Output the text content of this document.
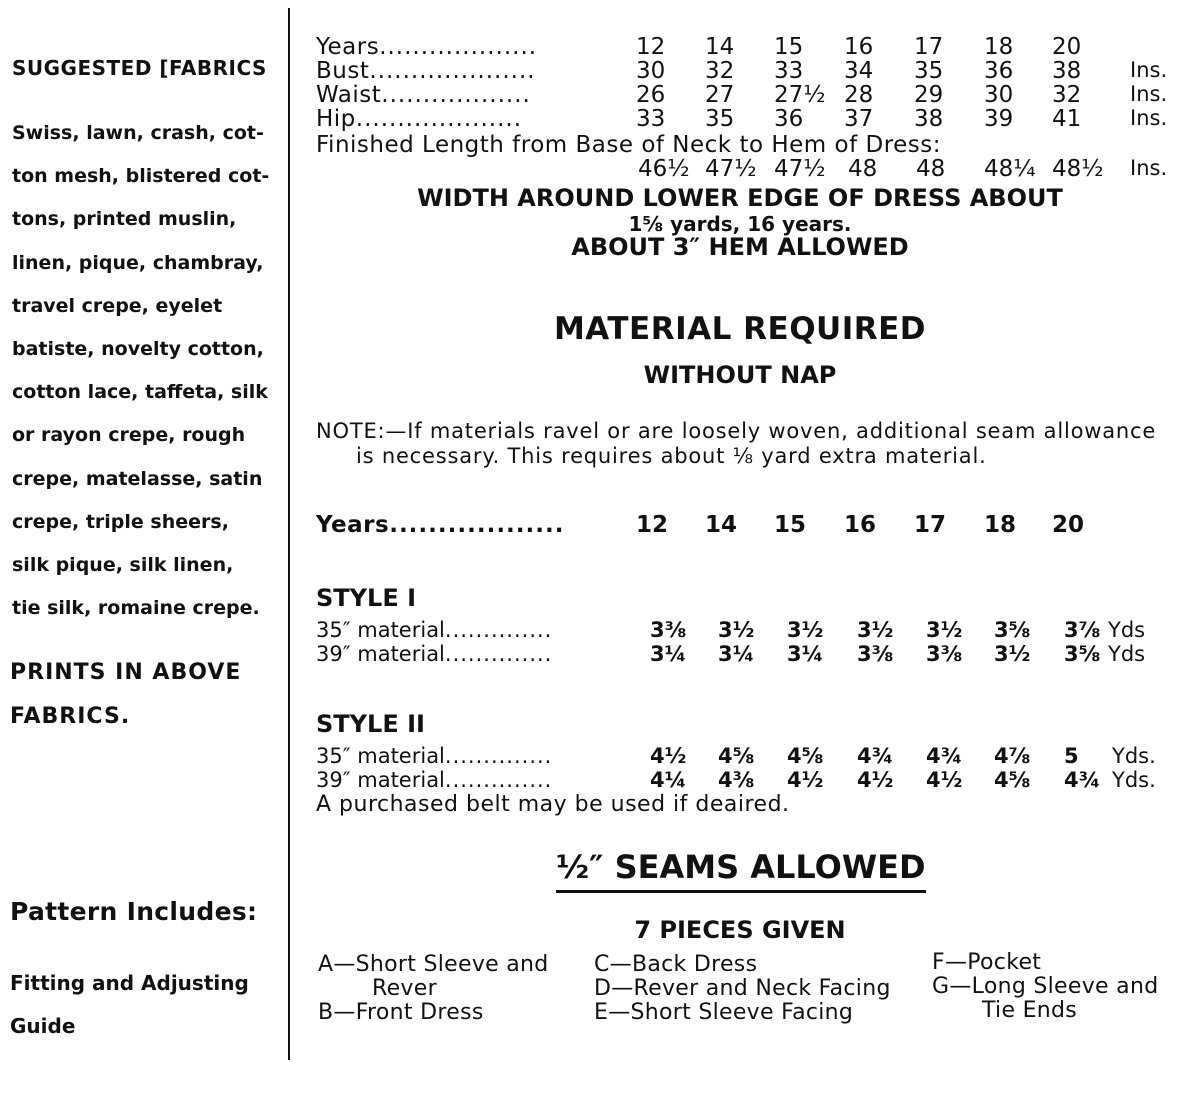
SUGGESTED [FABRICS
Swiss, lawn, crash, cot-
ton mesh, blistered cot-
tons, printed muslin,
linen, pique, chambray,
travel crepe, eyelet
batiste, novelty cotton,
cotton lace, taffeta, silk
or rayon crepe, rough
crepe, matelasse, satin
crepe, triple sheers,
silk pique, silk linen,
tie silk, romaine crepe.
PRINTS IN ABOVE
FABRICS.
Pattern Includes:
Fitting and Adjusting
Guide
Years...................	12 14 15 16 17 18 20
Bust....................	30 32 33 34 35 36 38 Ins.
Waist..................	26 27 27½ 28 29 30 32 Ins.
Hip....................	33 35 36 37 38 39 41 Ins.
Finished Length from Base of Neck to Hem of Dress:
46½ 47½ 47½ 48 48 48¼ 48½ Ins.
WIDTH AROUND LOWER EDGE OF DRESS ABOUT
1⅝ yards, 16 years.
ABOUT 3″ HEM ALLOWED
MATERIAL REQUIRED
WITHOUT NAP
NOTE:—If materials ravel or are loosely woven, additional seam allowance
is necessary. This requires about ⅛ yard extra material.
Years..................	12 14 15 16 17 18 20
STYLE I
35″ material..............	3⅜ 3½ 3½ 3½ 3½ 3⅝ 3⅞ Yds
39″ material..............	3¼ 3¼ 3¼ 3⅜ 3⅜ 3½ 3⅝ Yds
STYLE II
35″ material..............	4½ 4⅝ 4⅝ 4¾ 4¾ 4⅞ 5 Yds.
39″ material..............	4¼ 4⅜ 4½ 4½ 4½ 4⅝ 4¾ Yds.
A purchased belt may be used if deaired.
½″ SEAMS ALLOWED
7 PIECES GIVEN
A—Short Sleeve and
Rever
B—Front Dress
C—Back Dress
D—Rever and Neck Facing
E—Short Sleeve Facing
F—Pocket
G—Long Sleeve and
Tie Ends
